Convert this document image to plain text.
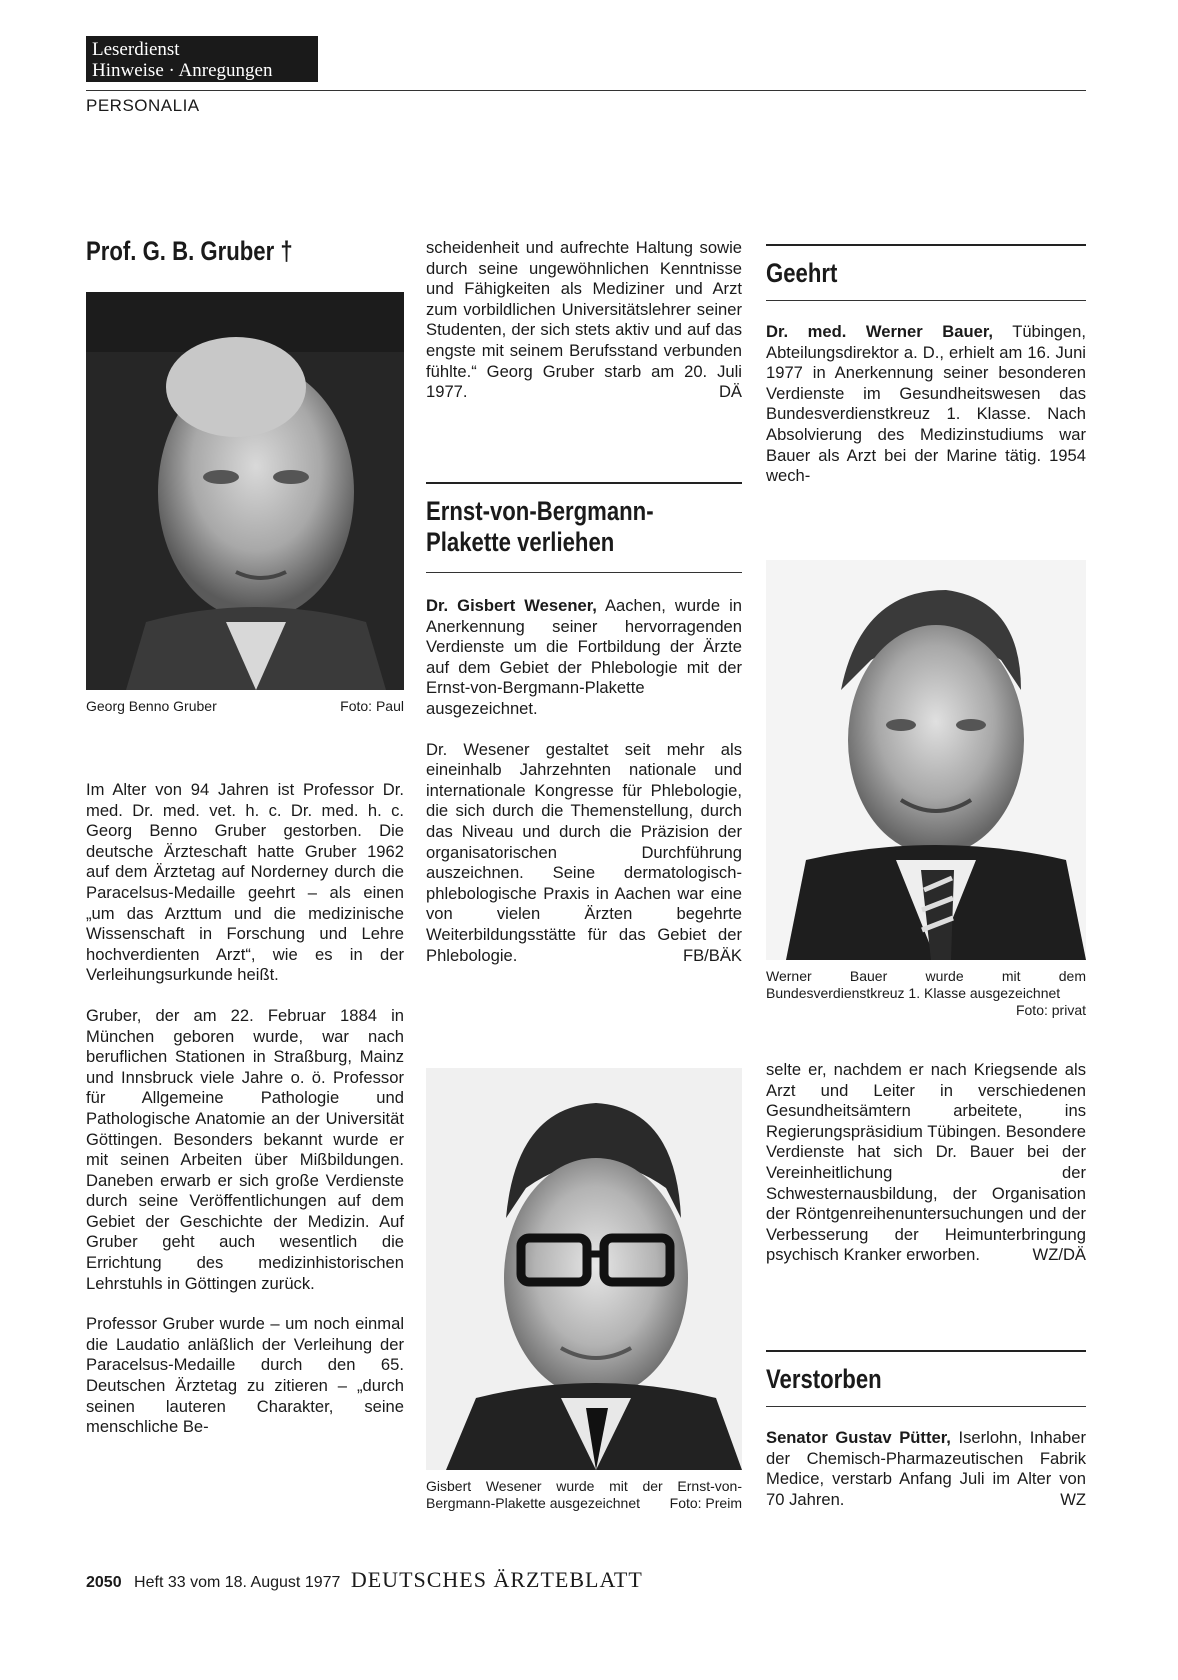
Leserdienst
Hinweise · Anregungen
PERSONALIA
Prof. G. B. Gruber †
Georg Benno Gruber	Foto: Paul

Im Alter von 94 Jahren ist Professor Dr. med. Dr. med. vet. h. c. Dr. med. h. c. Georg Benno Gruber gestorben. Die deutsche Ärzteschaft hatte Gruber 1962 auf dem Ärztetag auf Norderney durch die Paracelsus-Medaille geehrt – als einen „um das Arzttum und die medizinische Wissenschaft in Forschung und Lehre hochverdienten Arzt“, wie es in der Verleihungsurkunde heißt.

Gruber, der am 22. Februar 1884 in München geboren wurde, war nach beruflichen Stationen in Straßburg, Mainz und Innsbruck viele Jahre o. ö. Professor für Allgemeine Pathologie und Pathologische Anatomie an der Universität Göttingen. Besonders bekannt wurde er mit seinen Arbeiten über Mißbildungen. Daneben erwarb er sich große Verdienste durch seine Veröffentlichungen auf dem Gebiet der Geschichte der Medizin. Auf Gruber geht auch wesentlich die Errichtung des medizinhistorischen Lehrstuhls in Göttingen zurück.

Professor Gruber wurde – um noch einmal die Laudatio anläßlich der Verleihung der Paracelsus-Medaille durch den 65. Deutschen Ärztetag zu zitieren – „durch seinen lauteren Charakter, seine menschliche Be-

scheidenheit und aufrechte Haltung sowie durch seine ungewöhnlichen Kenntnisse und Fähigkeiten als Mediziner und Arzt zum vorbildlichen Universitätslehrer seiner Studenten, der sich stets aktiv und auf das engste mit seinem Berufsstand verbunden fühlte.“ Georg Gruber starb am 20. Juli 1977.	DÄ

Ernst-von-Bergmann-
Plakette verliehen

Dr. Gisbert Wesener, Aachen, wurde in Anerkennung seiner hervorragenden Verdienste um die Fortbildung der Ärzte auf dem Gebiet der Phlebologie mit der Ernst-von-Bergmann-Plakette ausgezeichnet.

Dr. Wesener gestaltet seit mehr als eineinhalb Jahrzehnten nationale und internationale Kongresse für Phlebologie, die sich durch die Themenstellung, durch das Niveau und durch die Präzision der organisatorischen Durchführung auszeichnen. Seine dermatologisch-phlebologische Praxis in Aachen war eine von vielen Ärzten begehrte Weiterbildungsstätte für das Gebiet der Phlebologie.	FB/BÄK

Gisbert Wesener wurde mit der Ernst-von-Bergmann-Plakette ausgezeichnet Foto: Preim
Geehrt

Dr. med. Werner Bauer, Tübingen, Abteilungsdirektor a. D., erhielt am 16. Juni 1977 in Anerkennung seiner besonderen Verdienste im Gesundheitswesen das Bundesverdienstkreuz 1. Klasse. Nach Absolvierung des Medizinstudiums war Bauer als Arzt bei der Marine tätig. 1954 wech-

Werner Bauer wurde mit dem Bundesverdienstkreuz 1. Klasse ausgezeichnet
Foto: privat

selte er, nachdem er nach Kriegsende als Arzt und Leiter in verschiedenen Gesundheitsämtern arbeitete, ins Regierungspräsidium Tübingen. Besondere Verdienste hat sich Dr. Bauer bei der Vereinheitlichung der Schwesternausbildung, der Organisation der Röntgenreihenuntersuchungen und der Verbesserung der Heimunterbringung psychisch Kranker erworben.	WZ/DÄ

Verstorben

Senator Gustav Pütter, Iserlohn, Inhaber der Chemisch-Pharmazeutischen Fabrik Medice, verstarb Anfang Juli im Alter von 70 Jahren.	WZ

2050 Heft 33 vom 18. August 1977 DEUTSCHES ÄRZTEBLATT
